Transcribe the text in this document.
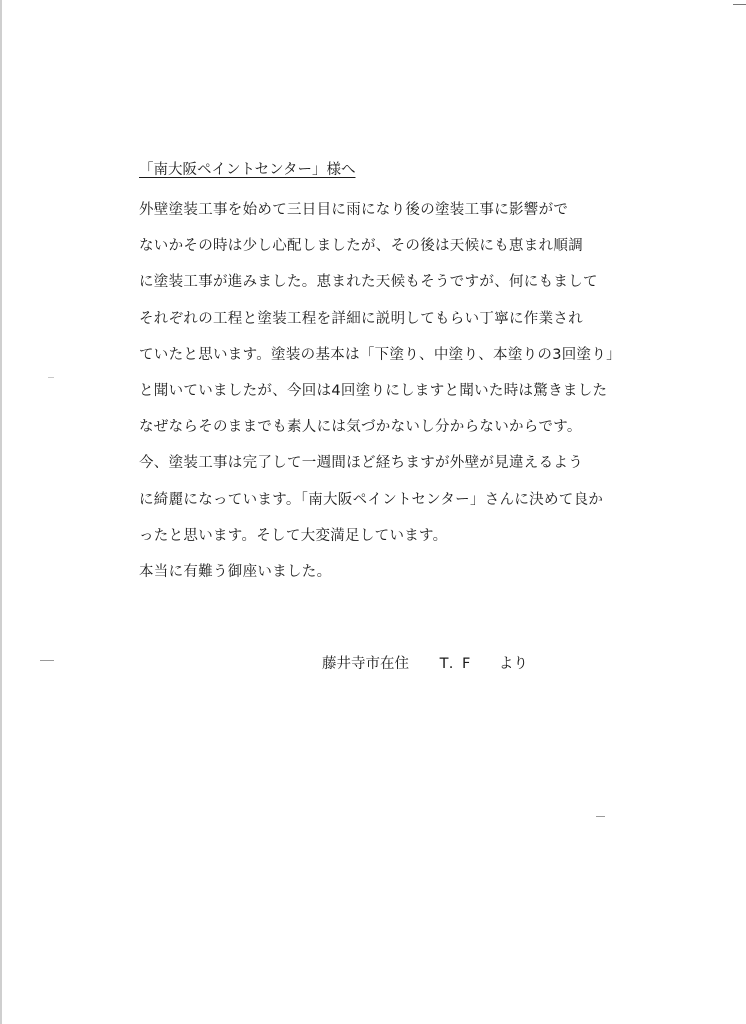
「南大阪ペイントセンター」様へ
外壁塗装工事を始めて三日目に雨になり後の塗装工事に影響がで
ないかその時は少し心配しましたが、その後は天候にも恵まれ順調
に塗装工事が進みました。恵まれた天候もそうですが、何にもまして
それぞれの工程と塗装工程を詳細に説明してもらい丁寧に作業され
ていたと思います。塗装の基本は「下塗り、中塗り、本塗りの3回塗り」
と聞いていましたが、今回は4回塗りにしますと聞いた時は驚きました
なぜならそのままでも素人には気づかないし分からないからです。
今、塗装工事は完了して一週間ほど経ちますが外壁が見違えるよう
に綺麗になっています。「南大阪ペイントセンター」さんに決めて良か
ったと思います。そして大変満足しています。
本当に有難う御座いました。
藤井寺市在住 T. F より
